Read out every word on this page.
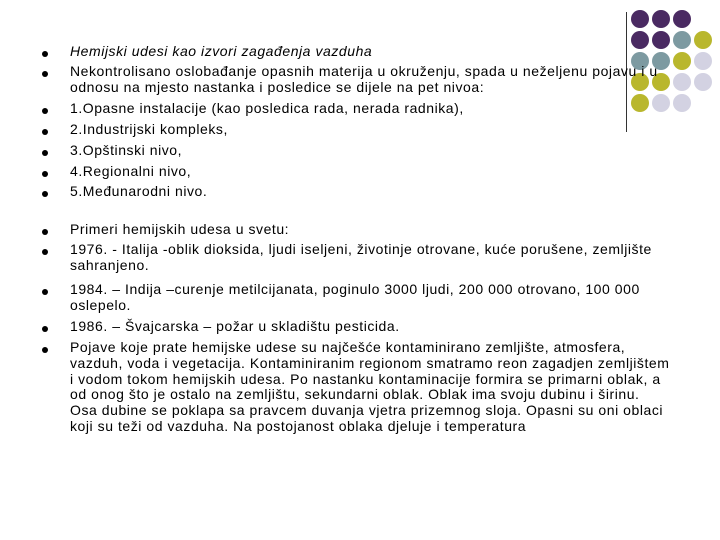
Hemijski udesi kao izvori zagađenja vazduha
Nekontrolisano oslobađanje opasnih materija u okruženju, spada u neželjenu pojavu i u odnosu na mjesto nastanka i posledice se dijele na pet nivoa:
1.Opasne instalacije (kao posledica rada, nerada radnika),
2.Industrijski kompleks,
3.Opštinski nivo,
4.Regionalni nivo,
5.Međunarodni nivo.
Primeri hemijskih udesa u svetu:
1976. - Italija -oblik dioksida, ljudi iseljeni, životinje otrovane, kuće porušene, zemljište sahranjeno.
1984. – Indija –curenje metilcijanata, poginulo 3000 ljudi, 200 000 otrovano, 100 000 oslepelo.
1986. – Švajcarska – požar u skladištu pesticida.
Pojave koje prate hemijske udese su najčešće kontaminirano zemljište, atmosfera, vazduh, voda i vegetacija. Kontaminiranim regionom smatramo reon zagadjen zemljištem i vodom tokom hemijskih udesa. Po nastanku kontaminacije formira se primarni oblak, a od onog što je ostalo na zemljištu, sekundarni oblak. Oblak ima svoju dubinu i širinu. Osa dubine se poklapa sa pravcem duvanja vjetra prizemnog sloja. Opasni su oni oblaci koji su teži od vazduha. Na postojanost oblaka djeluje i temperatura
